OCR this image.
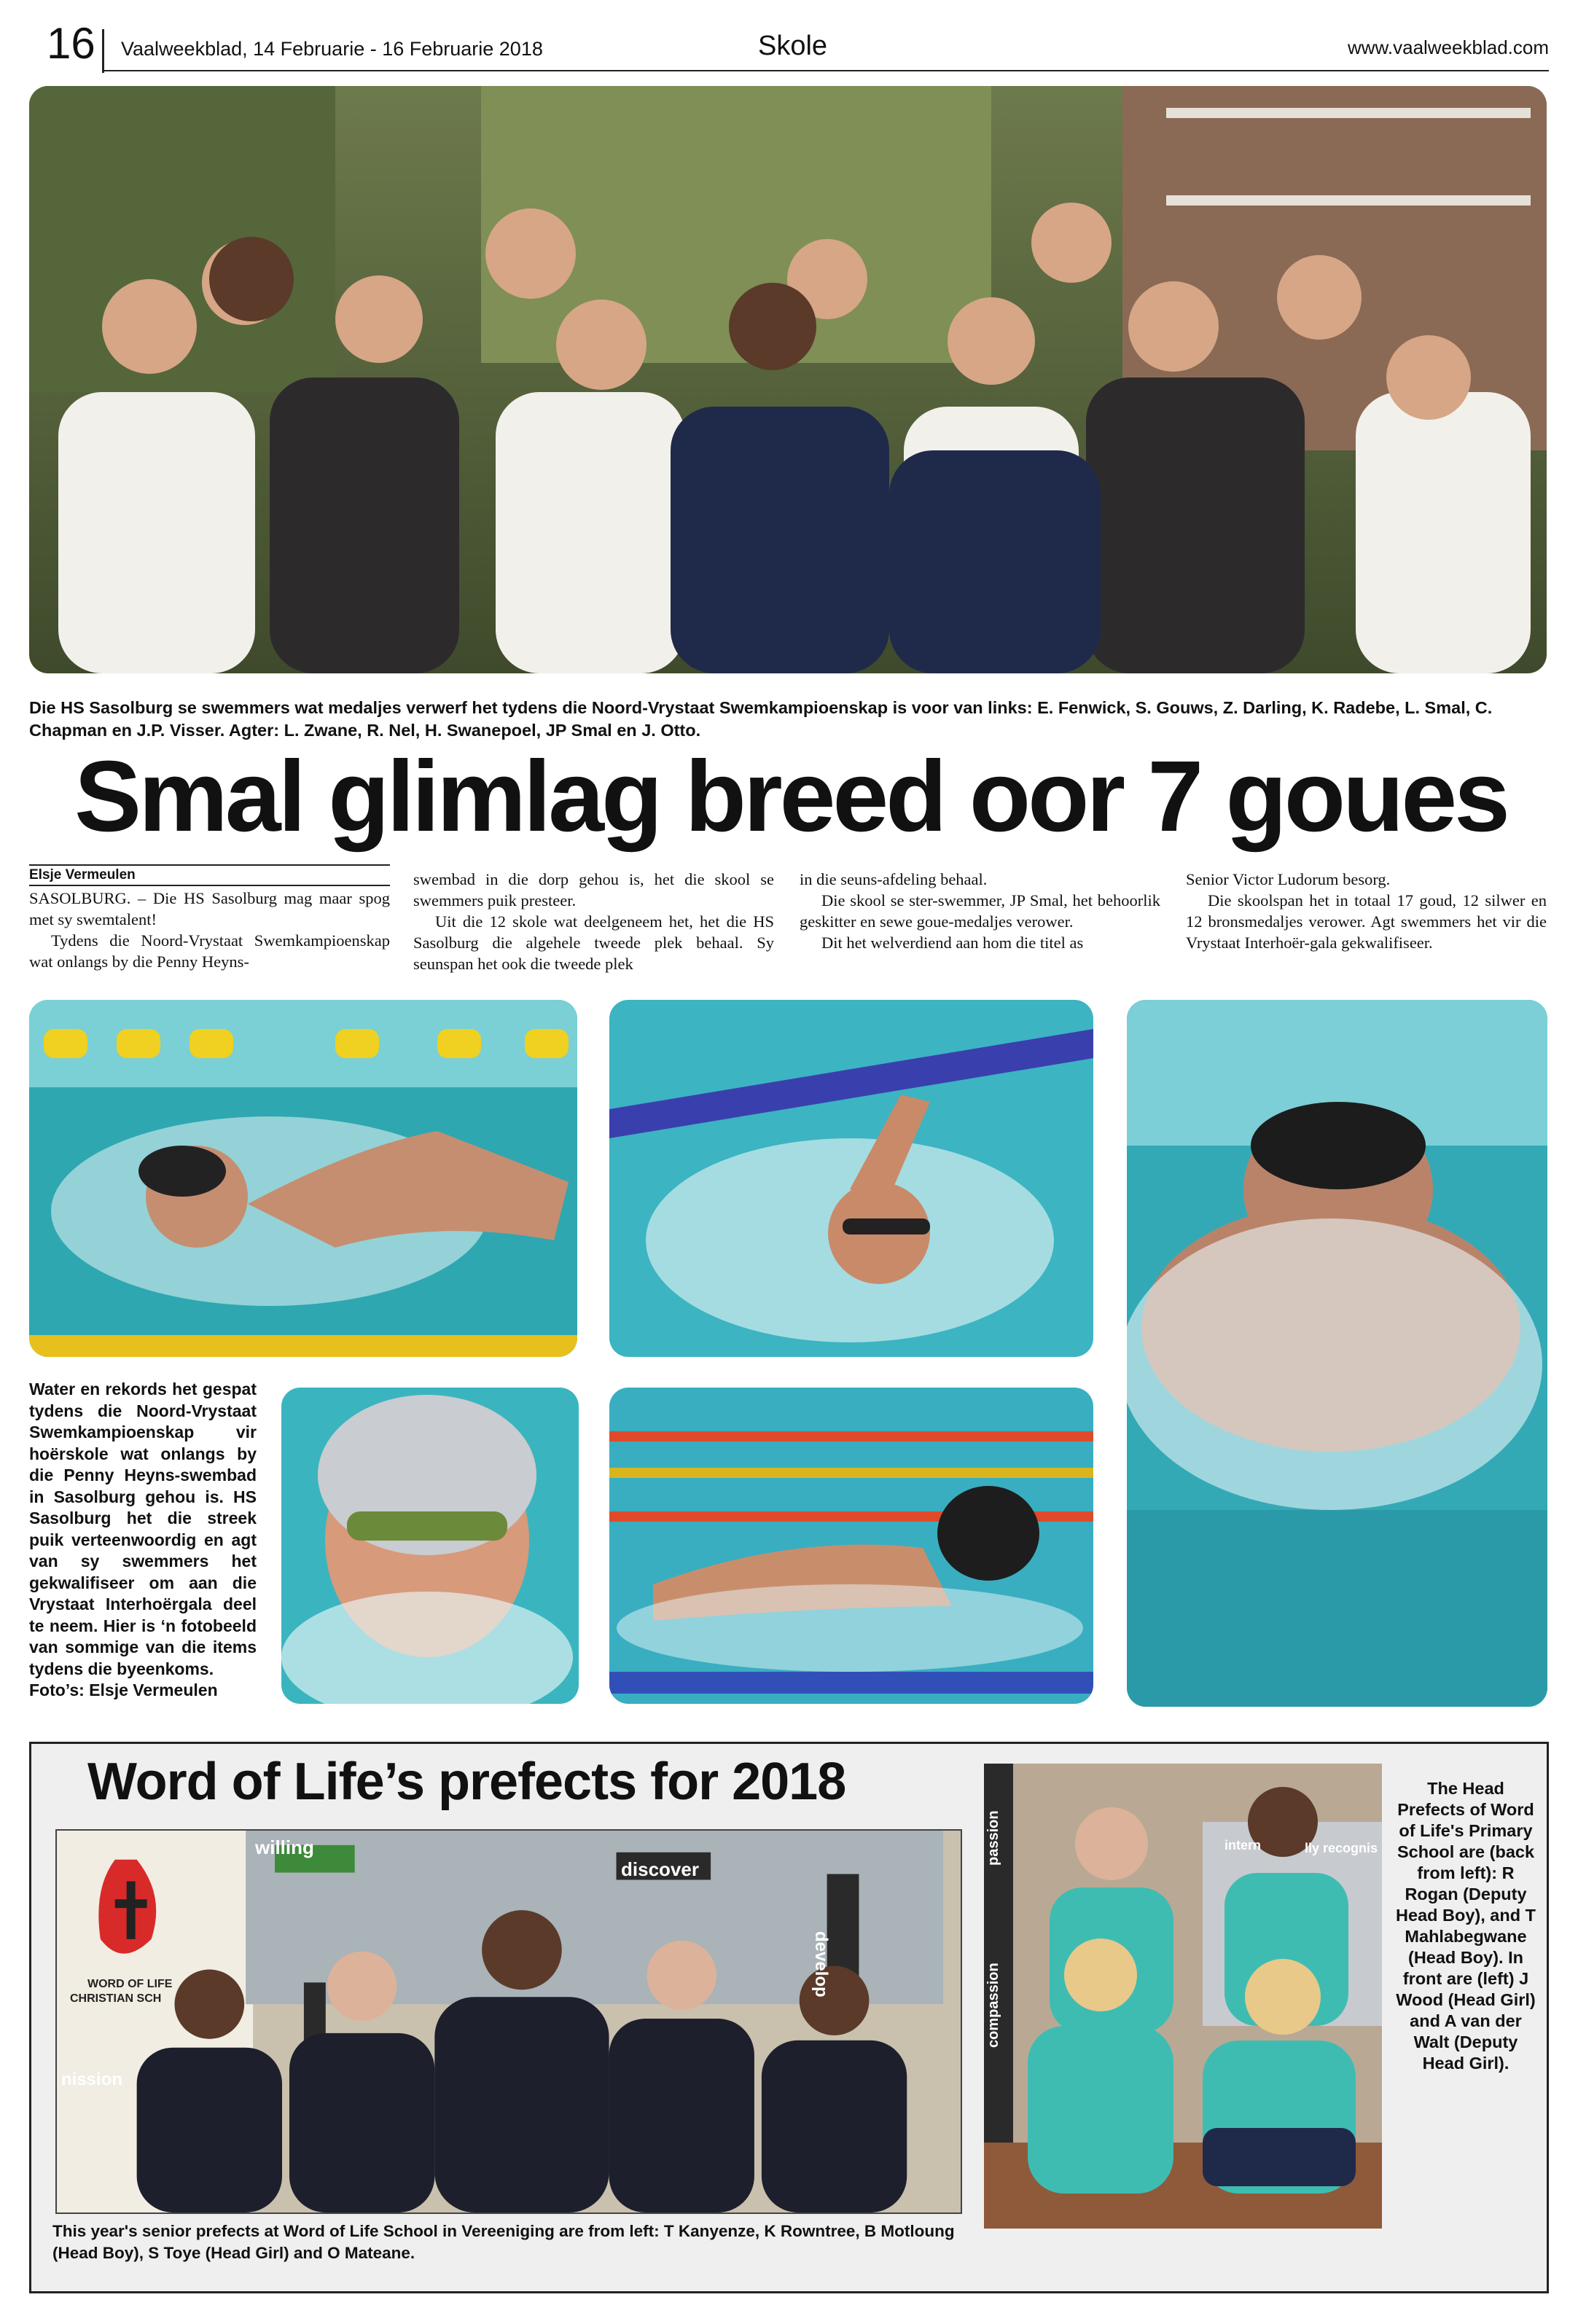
16 Vaalweekblad, 14 Februarie - 16 Februarie 2018	Skole	www.vaalweekblad.com
Die HS Sasolburg se swemmers wat medaljes verwerf het tydens die Noord-Vrystaat Swemkampioenskap is voor van links: E. Fenwick, S. Gouws, Z. Darling, K. Radebe, L. Smal, C. Chapman en J.P. Visser. Agter: L. Zwane, R. Nel, H. Swanepoel, JP Smal en J. Otto.
Smal glimlag breed oor 7 goues
Elsje Vermeulen

SASOLBURG. – Die HS Sasolburg mag maar spog met sy swemtalent!

Tydens die Noord-Vrystaat Swemkampioenskap wat onlangs by die Penny Heyns-

swembad in die dorp gehou is, het die skool se swemmers puik presteer.

Uit die 12 skole wat deelgeneem het, het die HS Sasolburg die algehele tweede plek behaal. Sy seunspan het ook die tweede plek

in die seuns-afdeling behaal.

Die skool se ster-swemmer, JP Smal, het behoorlik geskitter en sewe goue-medaljes verower.

Dit het welverdiend aan hom die titel as

Senior Victor Ludorum besorg.

Die skoolspan het in totaal 17 goud, 12 silwer en 12 bronsmedaljes verower. Agt swemmers het vir die Vrystaat Interhoër-gala gekwalifiseer.

Water en rekords het gespat tydens die Noord-Vrystaat Swemkampioenskap vir hoërskole wat onlangs by die Penny Heyns-swembad in Sasolburg gehou is. HS Sasolburg het die streek puik verteenwoordig en agt van sy swemmers het gekwalifiseer om aan die Vrystaat Interhoërgala deel te neem. Hier is ‘n fotobeeld van sommige van die items tydens die byeenkoms.
Foto’s: Elsje Vermeulen
Word of Life’s prefects for 2018
WORD OF LIFE
CHRISTIAN SCH
willing
discover
develop
nission
passion
compassion
intern	lly recognis
The Head Prefects of Word of Life's Primary School are (back from left): R Rogan (Deputy Head Boy), and T Mahlabegwane (Head Boy). In front are (left) J Wood (Head Girl) and A van der Walt (Deputy Head Girl).
This year's senior prefects at Word of Life School in Vereeniging are from left: T Kanyenze, K Rowntree, B Motloung (Head Boy), S Toye (Head Girl) and O Mateane.
